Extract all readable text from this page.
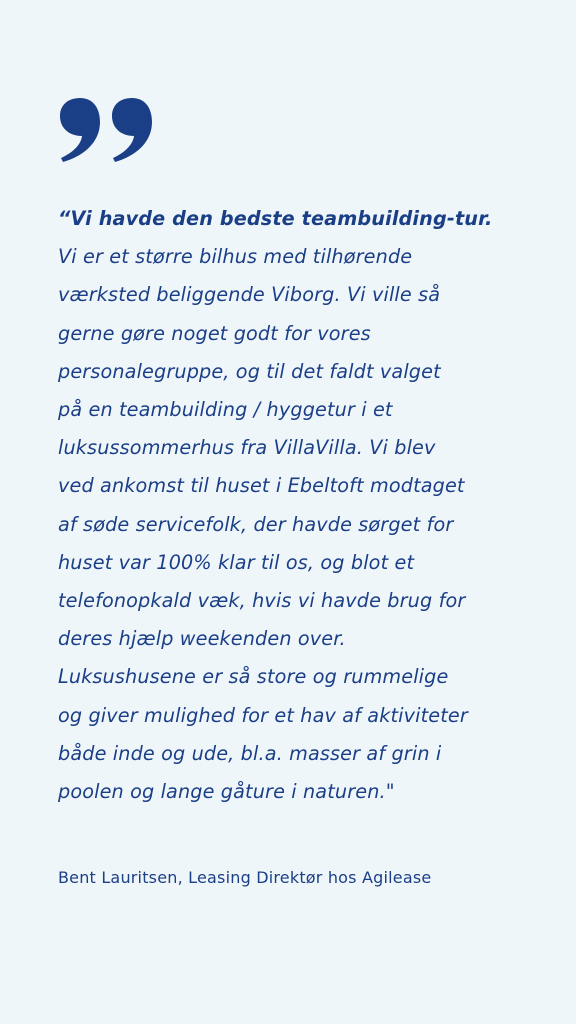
“Vi havde den bedste teambuilding-tur.
Vi er et større bilhus med tilhørende
værksted beliggende Viborg. Vi ville så
gerne gøre noget godt for vores
personalegruppe, og til det faldt valget
på en teambuilding / hyggetur i et
luksussommerhus fra VillaVilla. Vi blev
ved ankomst til huset i Ebeltoft modtaget
af søde servicefolk, der havde sørget for
huset var 100% klar til os, og blot et
telefonopkald væk, hvis vi havde brug for
deres hjælp weekenden over.
Luksushusene er så store og rummelige
og giver mulighed for et hav af aktiviteter
både inde og ude, bl.a. masser af grin i
poolen og lange gåture i naturen."
Bent Lauritsen, Leasing Direktør hos Agilease
